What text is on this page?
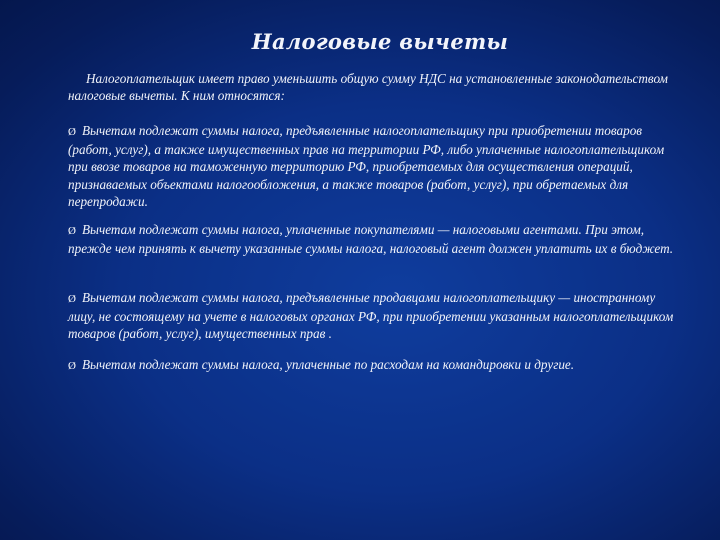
Налоговые вычеты
Налогоплательщик имеет право уменьшить общую сумму НДС на установленные законодательством налоговые вычеты. К ним относятся:
Ø Вычетам подлежат суммы налога, предъявленные налогоплательщику при приобретении товаров (работ, услуг), а также имущественных прав на территории РФ, либо уплаченные налогоплательщиком при ввозе товаров на таможенную территорию РФ, приобретаемых для осуществления операций, признаваемых объектами налогообложения, а также товаров (работ, услуг), при обретаемых для перепродажи.
Ø Вычетам подлежат суммы налога, уплаченные покупателями — налоговыми агентами. При этом, прежде чем принять к вычету указанные суммы налога, налоговый агент должен уплатить их в бюджет.
Ø Вычетам подлежат суммы налога, предъявленные продавцами налогоплательщику — иностранному лицу, не состоящему на учете в налоговых органах РФ, при приобретении указанным налогоплательщиком товаров (работ, услуг), имущественных прав .
Ø Вычетам подлежат суммы налога, уплаченные по расходам на командировки и другие.
